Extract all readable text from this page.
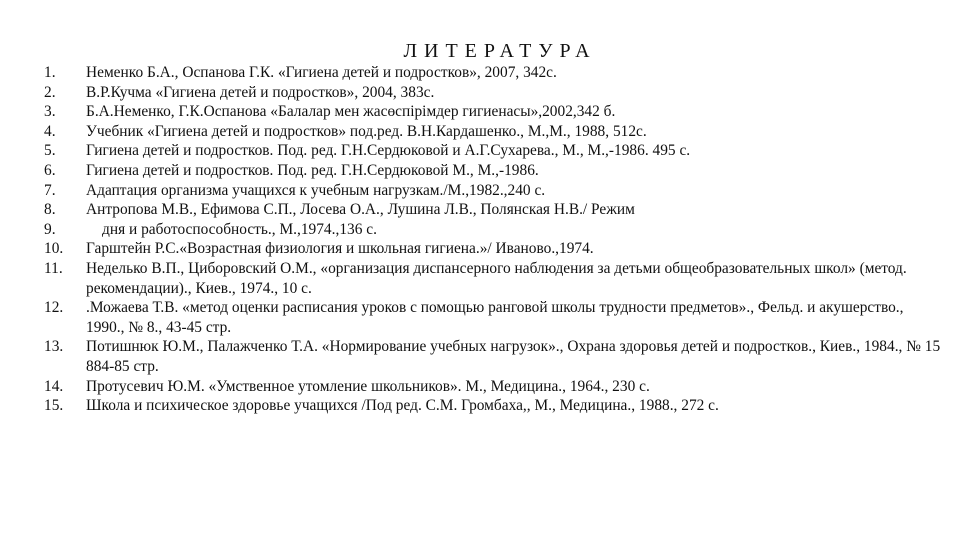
ЛИТЕРАТУРА
1.	Неменко Б.А., Оспанова Г.К. «Гигиена детей и подростков», 2007, 342с.
2.	В.Р.Кучма «Гигиена детей и подростков», 2004, 383с.
3.	Б.А.Неменко, Г.К.Оспанова «Балалар мен жасөспірімдер гигиенасы»,2002,342 б.
4.	Учебник «Гигиена детей и подростков» под.ред. В.Н.Кардашенко., М.,М., 1988, 512с.
5.	Гигиена детей и подростков. Под. ред. Г.Н.Сердюковой и А.Г.Сухарева., М., М.,-1986. 495 с.
6.	Гигиена детей и подростков. Под. ред. Г.Н.Сердюковой М., М.,-1986.
7.	Адаптация организма учащихся к учебным нагрузкам./М.,1982.,240 с.
8.	Антропова М.В., Ефимова С.П., Лосева О.А., Лушина Л.В., Полянская Н.В./ Режим
9.	дня и работоспособность., М.,1974.,136 с.
10.	Гарштейн Р.С.«Возрастная физиология и школьная гигиена.»/ Иваново.,1974.
11.	Неделько В.П., Циборовский О.М., «организация диспансерного наблюдения за детьми общеобразовательных школ» (метод. рекомендации)., Киев., 1974., 10 с.
12.	.Можаева Т.В. «метод оценки расписания уроков с помощью ранговой школы трудности предметов»., Фельд. и акушерство., 1990., № 8., 43-45 стр.
13.	Потишнюк Ю.М., Палажченко Т.А. «Нормирование учебных нагрузок»., Охрана здоровья детей и подростков., Киев., 1984., № 15 884-85 стр.
14.	Протусевич Ю.М. «Умственное утомление школьников». М., Медицина., 1964., 230 с.
15.	Школа и психическое здоровье учащихся /Под ред. С.М. Громбаха,, М., Медицина., 1988., 272 с.
